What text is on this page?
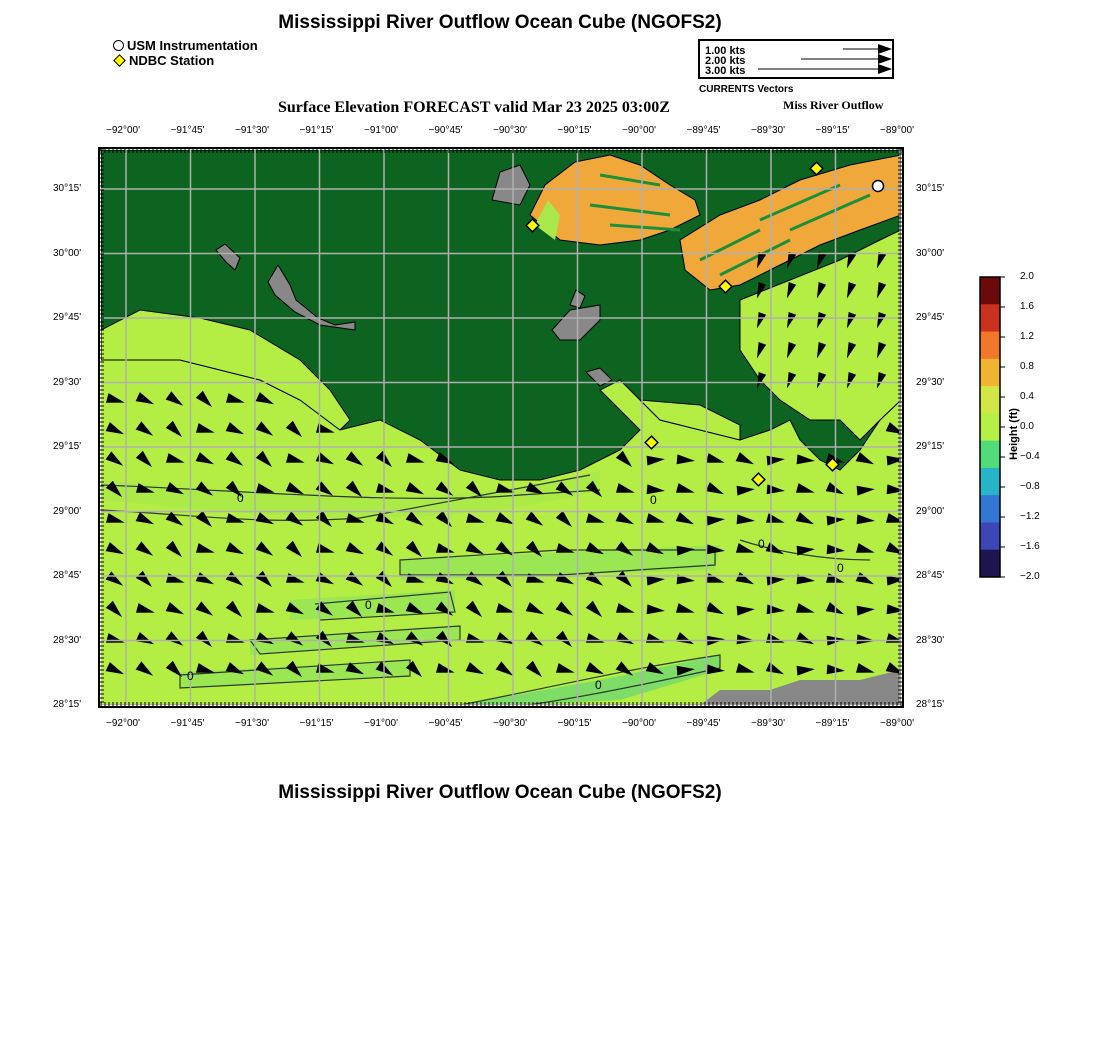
Mississippi River Outflow Ocean Cube (NGOFS2)
USM Instrumentation
NDBC Station
1.00 kts
2.00 kts
3.00 kts
CURRENTS Vectors
Surface Elevation FORECAST valid Mar 23 2025 03:00Z	Miss River Outflow
0	0
0
0
0
0
0
−92°00'	−91°45'	−91°30'	−91°15'	−91°00'	−90°45'	−90°30'	−90°15'	−90°00'	−89°45'	−89°30'	−89°15'	−89°00'
−92°00'	−91°45'	−91°30'	−91°15'	−91°00'	−90°45'	−90°30'	−90°15'	−90°00'	−89°45'	−89°30'	−89°15'	−89°00'
30°15'
30°00'
29°45'
29°30'
29°15'
29°00'
28°45'
28°30'
28°15'
30°15'
30°00'
29°45'
29°30'
29°15'
29°00'
28°45'
28°30'
28°15'
2.0
1.6
1.2
0.8
0.4
0.0
−0.4
−0.8
−1.2
−1.6
−2.0
Height (ft)
Mississippi River Outflow Ocean Cube (NGOFS2)
